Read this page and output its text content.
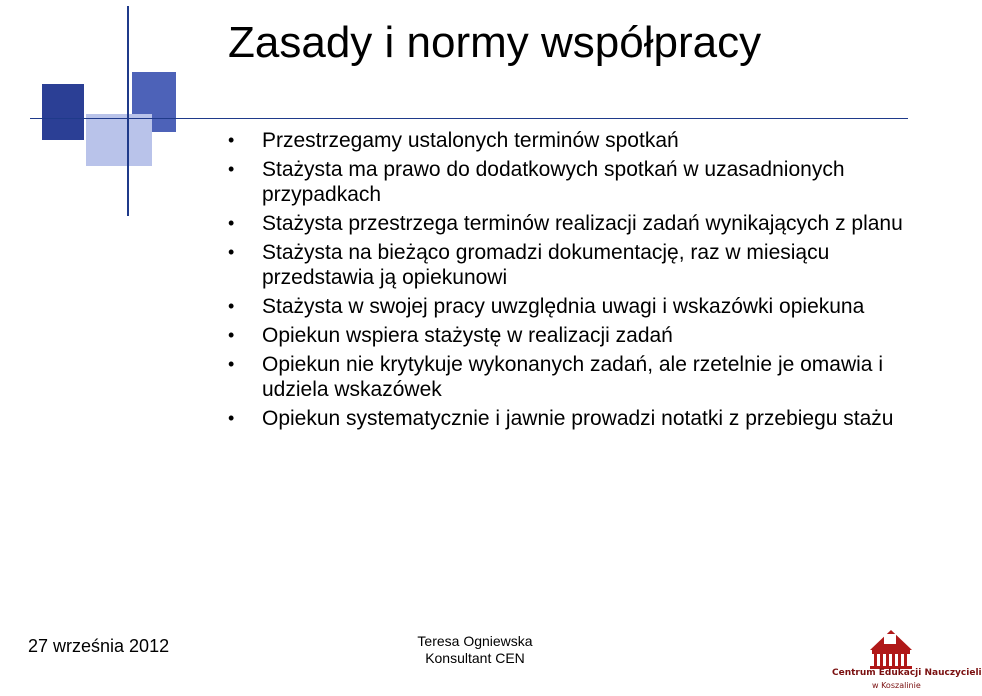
Zasady i normy współpracy
• Przestrzegamy ustalonych terminów spotkań
• Stażysta ma prawo do dodatkowych spotkań w uzasadnionych przypadkach
• Stażysta przestrzega terminów realizacji zadań wynikających z planu
• Stażysta na bieżąco gromadzi dokumentację, raz w miesiącu przedstawia ją opiekunowi
• Stażysta w swojej pracy uwzględnia uwagi i wskazówki opiekuna
• Opiekun wspiera stażystę w realizacji zadań
• Opiekun nie krytykuje wykonanych zadań, ale rzetelnie je omawia i udziela wskazówek
• Opiekun systematycznie i jawnie prowadzi notatki z przebiegu stażu
27 września 2012	Teresa Ogniewska
Konsultant CEN
Centrum Edukacji Nauczycieli
w Koszalinie
